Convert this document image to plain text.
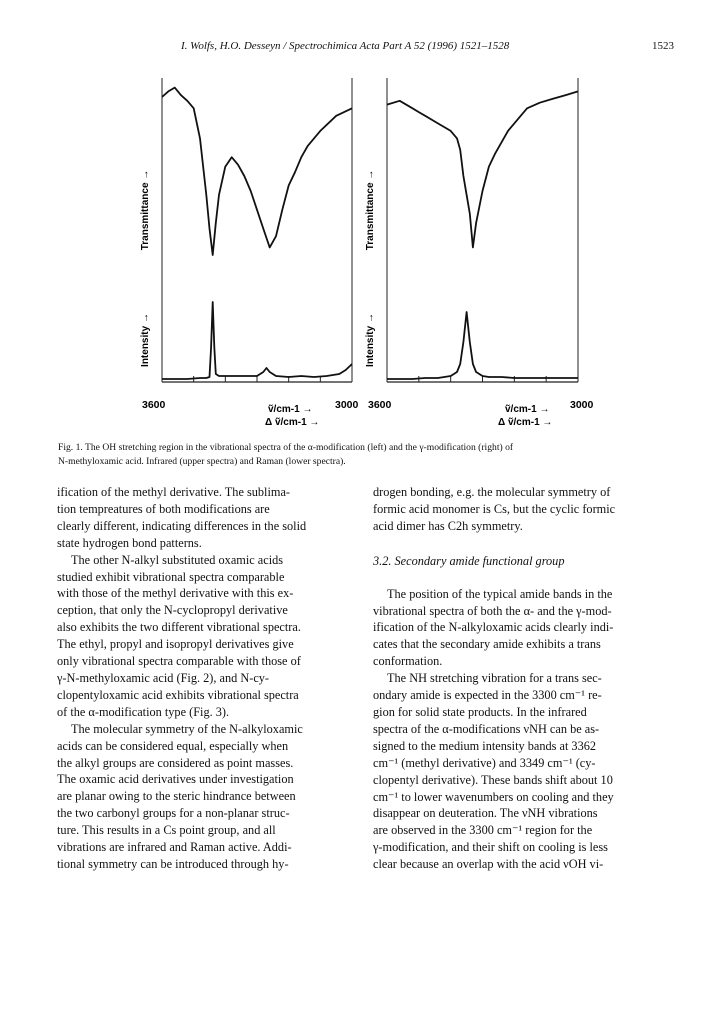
I. Wolfs, H.O. Desseyn / Spectrochimica Acta Part A 52 (1996) 1521–1528	1523
Transmittance →
Intensity →
3600	3000
ṽ/cm-1 →
Δ ṽ/cm-1 →
Transmittance →
Intensity →
3600	3000
ṽ/cm-1 →
Δ ṽ/cm-1 →

Fig. 1. The OH stretching region in the vibrational spectra of the α-modification (left) and the γ-modification (right) of

N-methyloxamic acid. Infrared (upper spectra) and Raman (lower spectra).

ification of the methyl derivative. The sublima-

tion tempreatures of both modifications are

clearly different, indicating differences in the solid

state hydrogen bond patterns.

The other N-alkyl substituted oxamic acids

studied exhibit vibrational spectra comparable

with those of the methyl derivative with this ex-

ception, that only the N-cyclopropyl derivative

also exhibits the two different vibrational spectra.

The ethyl, propyl and isopropyl derivatives give

only vibrational spectra comparable with those of

γ-N-methyloxamic acid (Fig. 2), and N-cy-

clopentyloxamic acid exhibits vibrational spectra

of the α-modification type (Fig. 3).

The molecular symmetry of the N-alkyloxamic

acids can be considered equal, especially when

the alkyl groups are considered as point masses.

The oxamic acid derivatives under investigation

are planar owing to the steric hindrance between

the two carbonyl groups for a non-planar struc-

ture. This results in a Cs point group, and all

vibrations are infrared and Raman active. Addi-

tional symmetry can be introduced through hy-

drogen bonding, e.g. the molecular symmetry of

formic acid monomer is Cs, but the cyclic formic

acid dimer has C2h symmetry.

3.2. Secondary amide functional group

The position of the typical amide bands in the

vibrational spectra of both the α- and the γ-mod-

ification of the N-alkyloxamic acids clearly indi-

cates that the secondary amide exhibits a trans

conformation.

The NH stretching vibration for a trans sec-

ondary amide is expected in the 3300 cm⁻¹ re-

gion for solid state products. In the infrared

spectra of the α-modifications νNH can be as-

signed to the medium intensity bands at 3362

cm⁻¹ (methyl derivative) and 3349 cm⁻¹ (cy-

clopentyl derivative). These bands shift about 10

cm⁻¹ to lower wavenumbers on cooling and they

disappear on deuteration. The νNH vibrations

are observed in the 3300 cm⁻¹ region for the

γ-modification, and their shift on cooling is less

clear because an overlap with the acid νOH vi-
